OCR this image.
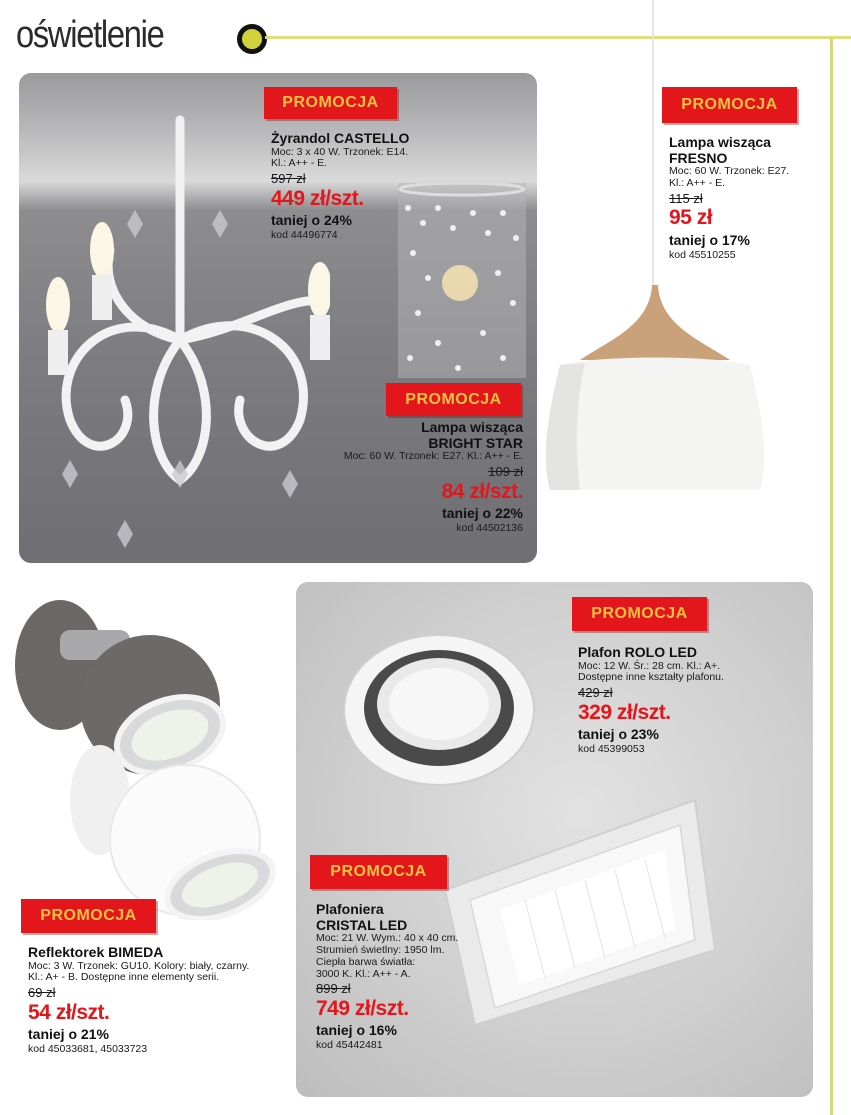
oświetlenie
PROMOCJA
Żyrandol CASTELLO
Moc: 3 x 40 W. Trzonek: E14.
Kl.: A++ - E.
597 zł
449 zł/szt.
taniej o 24%
kod 44496774
PROMOCJA
Lampa wisząca
BRIGHT STAR
Moc: 60 W. Trzonek: E27. Kl.: A++ - E.
109 zł
84 zł/szt.
taniej o 22%
kod 44502136
PROMOCJA
Lampa wisząca
FRESNO
Moc: 60 W. Trzonek: E27.
Kl.: A++ - E.
115 zł
95 zł
taniej o 17%
kod 45510255
PROMOCJA
Plafon ROLO LED
Moc: 12 W. Śr.: 28 cm. Kl.: A+.
Dostępne inne kształty plafonu.
429 zł
329 zł/szt.
taniej o 23%
kod 45399053
PROMOCJA
Plafoniera
CRISTAL LED
Moc: 21 W. Wym.: 40 x 40 cm.
Strumień świetlny: 1950 lm.
Ciepła barwa światła:
3000 K. Kl.: A++ - A.
899 zł
749 zł/szt.
taniej o 16%
kod 45442481
PROMOCJA
Reflektorek BIMEDA
Moc: 3 W. Trzonek: GU10. Kolory: biały, czarny.
Kl.: A+ - B. Dostępne inne elementy serii.
69 zł
54 zł/szt.
taniej o 21%
kod 45033681, 45033723
